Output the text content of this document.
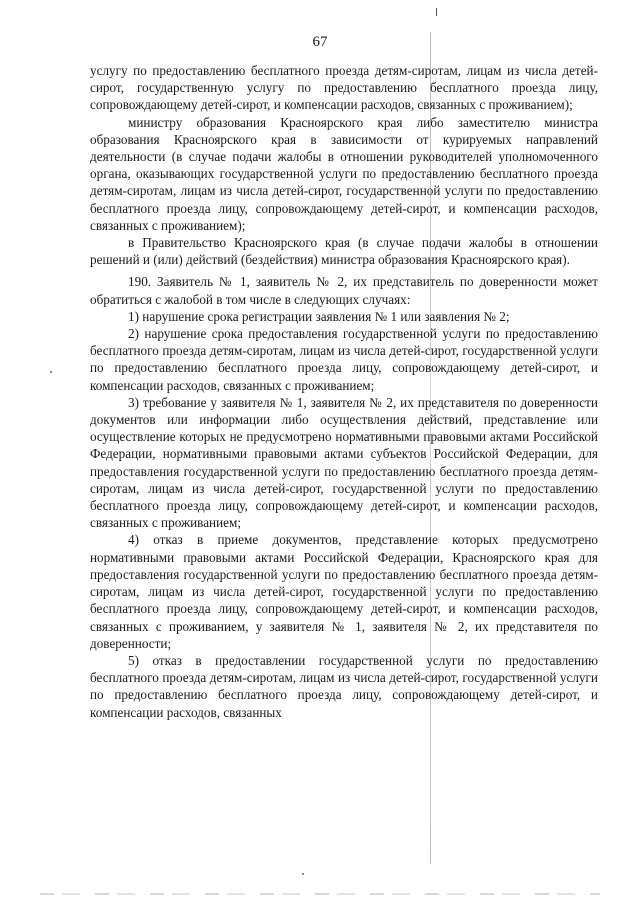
67

услугу по предоставлению бесплатного проезда детям-сиротам, лицам из числа детей-сирот, государственную услугу по предоставлению бесплатного проезда лицу, сопровождающему детей-сирот, и компенсации расходов, связанных с проживанием);

министру образования Красноярского края либо заместителю министра образования Красноярского края в зависимости от курируемых направлений деятельности (в случае подачи жалобы в отношении руководителей уполномоченного органа, оказывающих государственной услуги по предоставлению бесплатного проезда детям-сиротам, лицам из числа детей-сирот, государственной услуги по предоставлению бесплатного проезда лицу, сопровождающему детей-сирот, и компенсации расходов, связанных с проживанием);

в Правительство Красноярского края (в случае подачи жалобы в отношении решений и (или) действий (бездействия) министра образования Красноярского края).

190. Заявитель № 1, заявитель № 2, их представитель по доверенности может обратиться с жалобой в том числе в следующих случаях:

1) нарушение срока регистрации заявления № 1 или заявления № 2;

2) нарушение срока предоставления государственной услуги по предоставлению бесплатного проезда детям-сиротам, лицам из числа детей-сирот, государственной услуги по предоставлению бесплатного проезда лицу, сопровождающему детей-сирот, и компенсации расходов, связанных с проживанием;

3) требование у заявителя № 1, заявителя № 2, их представителя по доверенности документов или информации либо осуществления действий, представление или осуществление которых не предусмотрено нормативными правовыми актами Российской Федерации, нормативными правовыми актами субъектов Российской Федерации, для предоставления государственной услуги по предоставлению бесплатного проезда детям-сиротам, лицам из числа детей-сирот, государственной услуги по предоставлению бесплатного проезда лицу, сопровождающему детей-сирот, и компенсации расходов, связанных с проживанием;

4) отказ в приеме документов, представление которых предусмотрено нормативными правовыми актами Российской Федерации, Красноярского края для предоставления государственной услуги по предоставлению бесплатного проезда детям-сиротам, лицам из числа детей-сирот, государственной услуги по предоставлению бесплатного проезда лицу, сопровождающему детей-сирот, и компенсации расходов, связанных с проживанием, у заявителя № 1, заявителя № 2, их представителя по доверенности;

5) отказ в предоставлении государственной услуги по предоставлению бесплатного проезда детям-сиротам, лицам из числа детей-сирот, государственной услуги по предоставлению бесплатного проезда лицу, сопровождающему детей-сирот, и компенсации расходов, связанных
